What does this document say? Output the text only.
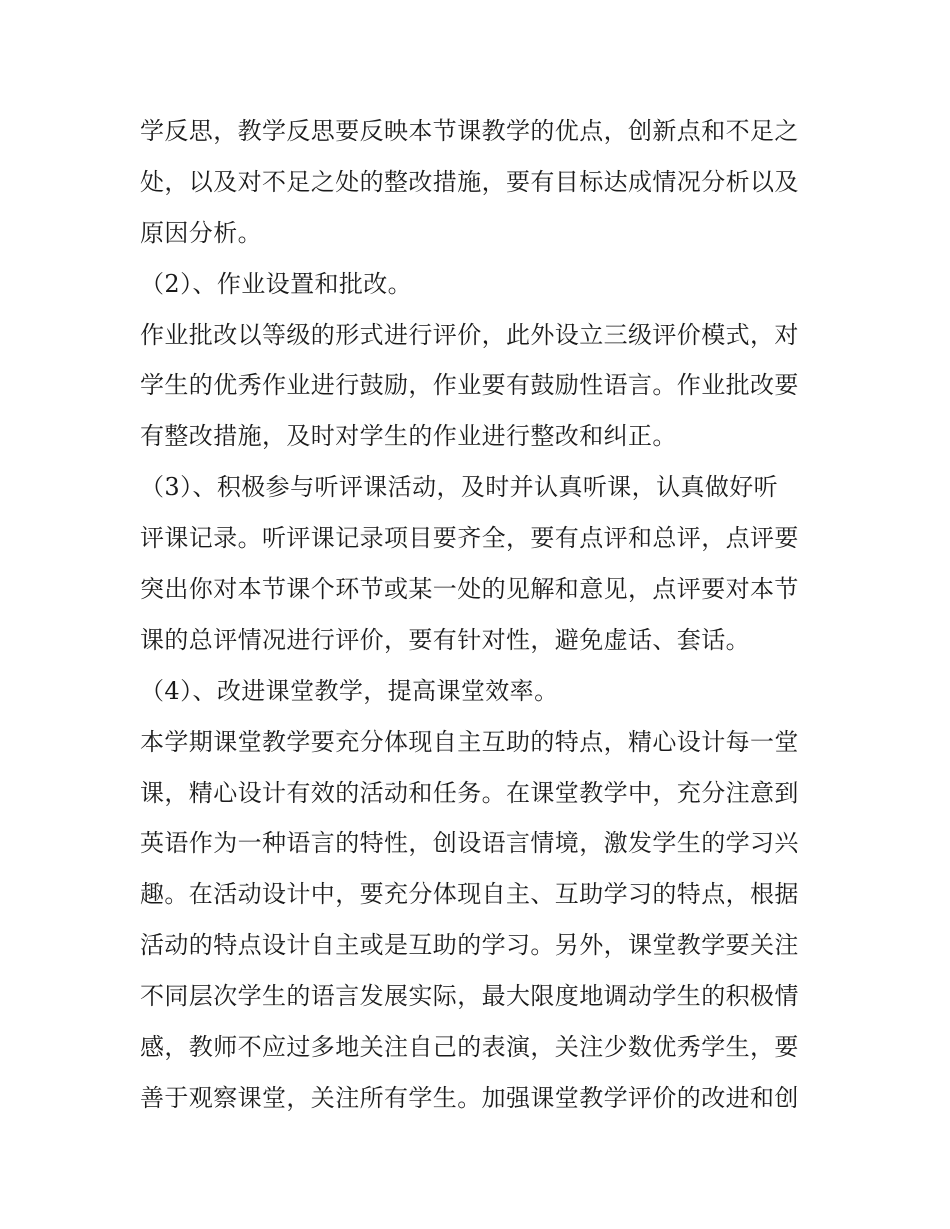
学反思，教学反思要反映本节课教学的优点，创新点和不足之
处，以及对不足之处的整改措施，要有目标达成情况分析以及
原因分析。
（2）、作业设置和批改。
作业批改以等级的形式进行评价，此外设立三级评价模式，对
学生的优秀作业进行鼓励，作业要有鼓励性语言。作业批改要
有整改措施，及时对学生的作业进行整改和纠正。
（3）、积极参与听评课活动，及时并认真听课，认真做好听
评课记录。听评课记录项目要齐全，要有点评和总评，点评要
突出你对本节课个环节或某一处的见解和意见，点评要对本节
课的总评情况进行评价，要有针对性，避免虚话、套话。
（4）、改进课堂教学，提高课堂效率。
本学期课堂教学要充分体现自主互助的特点，精心设计每一堂
课，精心设计有效的活动和任务。在课堂教学中，充分注意到
英语作为一种语言的特性，创设语言情境，激发学生的学习兴
趣。在活动设计中，要充分体现自主、互助学习的特点，根据
活动的特点设计自主或是互助的学习。另外，课堂教学要关注
不同层次学生的语言发展实际，最大限度地调动学生的积极情
感，教师不应过多地关注自己的表演，关注少数优秀学生，要
善于观察课堂，关注所有学生。加强课堂教学评价的改进和创
